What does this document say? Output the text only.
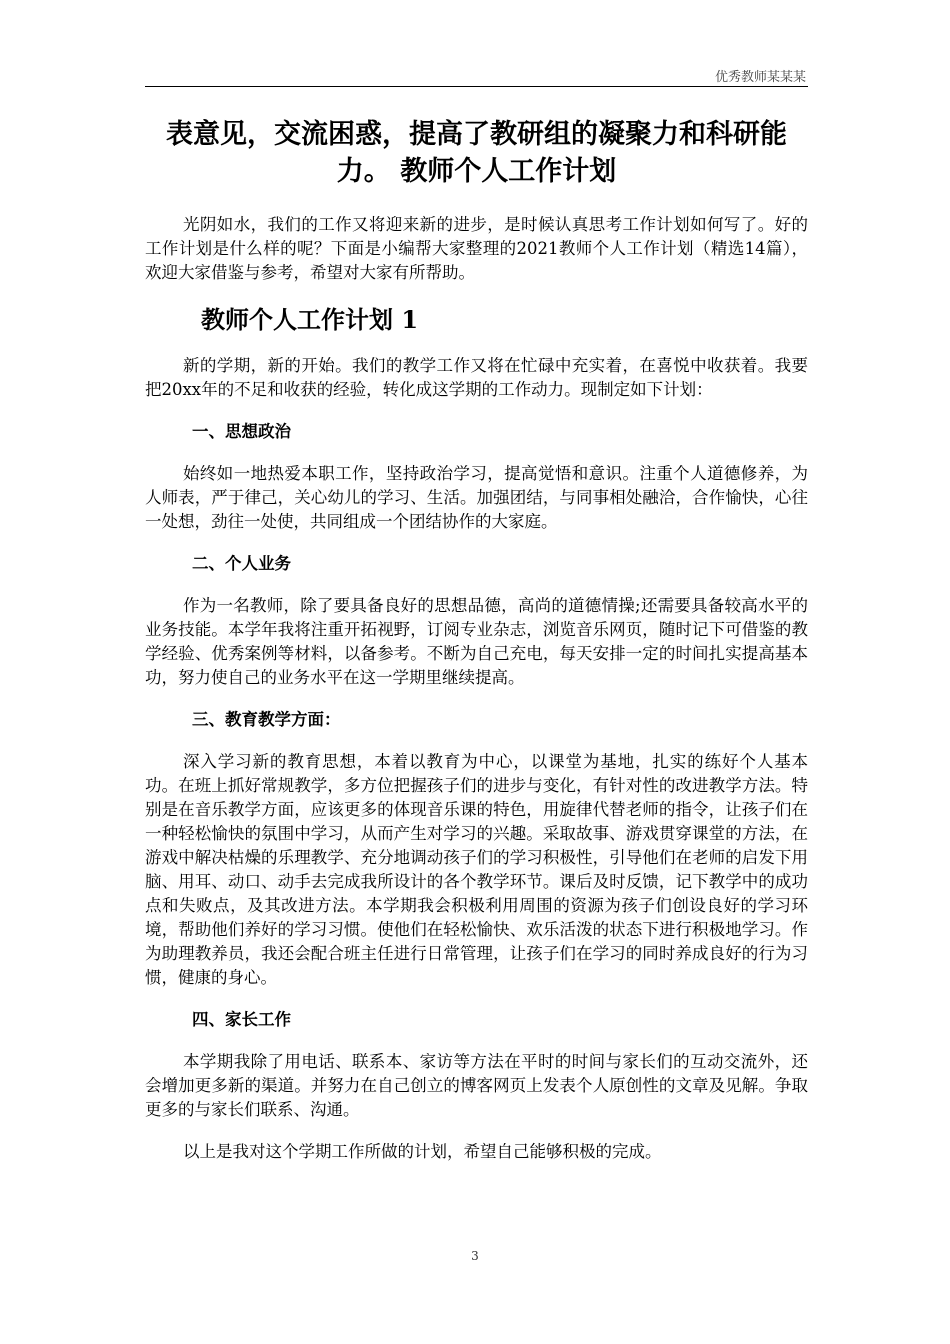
优秀教师某某某
表意见，交流困惑，提高了教研组的凝聚力和科研能力。 教师个人工作计划

光阴如水，我们的工作又将迎来新的进步，是时候认真思考工作计划如何写了。好的工作计划是什么样的呢？下面是小编帮大家整理的2021教师个人工作计划（精选14篇），欢迎大家借鉴与参考，希望对大家有所帮助。

教师个人工作计划 1

新的学期，新的开始。我们的教学工作又将在忙碌中充实着，在喜悦中收获着。我要把20xx年的不足和收获的经验，转化成这学期的工作动力。现制定如下计划：

一、思想政治

始终如一地热爱本职工作，坚持政治学习，提高觉悟和意识。注重个人道德修养，为人师表，严于律己，关心幼儿的学习、生活。加强团结，与同事相处融洽，合作愉快，心往一处想，劲往一处使，共同组成一个团结协作的大家庭。

二、个人业务

作为一名教师，除了要具备良好的思想品德，高尚的道德情操;还需要具备较高水平的业务技能。本学年我将注重开拓视野，订阅专业杂志，浏览音乐网页，随时记下可借鉴的教学经验、优秀案例等材料，以备参考。不断为自己充电，每天安排一定的时间扎实提高基本功，努力使自己的业务水平在这一学期里继续提高。

三、教育教学方面：

深入学习新的教育思想，本着以教育为中心，以课堂为基地，扎实的练好个人基本功。在班上抓好常规教学，多方位把握孩子们的进步与变化，有针对性的改进教学方法。特别是在音乐教学方面，应该更多的体现音乐课的特色，用旋律代替老师的指令，让孩子们在一种轻松愉快的氛围中学习，从而产生对学习的兴趣。采取故事、游戏贯穿课堂的方法，在游戏中解决枯燥的乐理教学、充分地调动孩子们的学习积极性，引导他们在老师的启发下用脑、用耳、动口、动手去完成我所设计的各个教学环节。课后及时反馈，记下教学中的成功点和失败点，及其改进方法。本学期我会积极利用周围的资源为孩子们创设良好的学习环境，帮助他们养好的学习习惯。使他们在轻松愉快、欢乐活泼的状态下进行积极地学习。作为助理教养员，我还会配合班主任进行日常管理，让孩子们在学习的同时养成良好的行为习惯，健康的身心。

四、家长工作

本学期我除了用电话、联系本、家访等方法在平时的时间与家长们的互动交流外，还会增加更多新的渠道。并努力在自己创立的博客网页上发表个人原创性的文章及见解。争取更多的与家长们联系、沟通。

以上是我对这个学期工作所做的计划，希望自己能够积极的完成。

3
